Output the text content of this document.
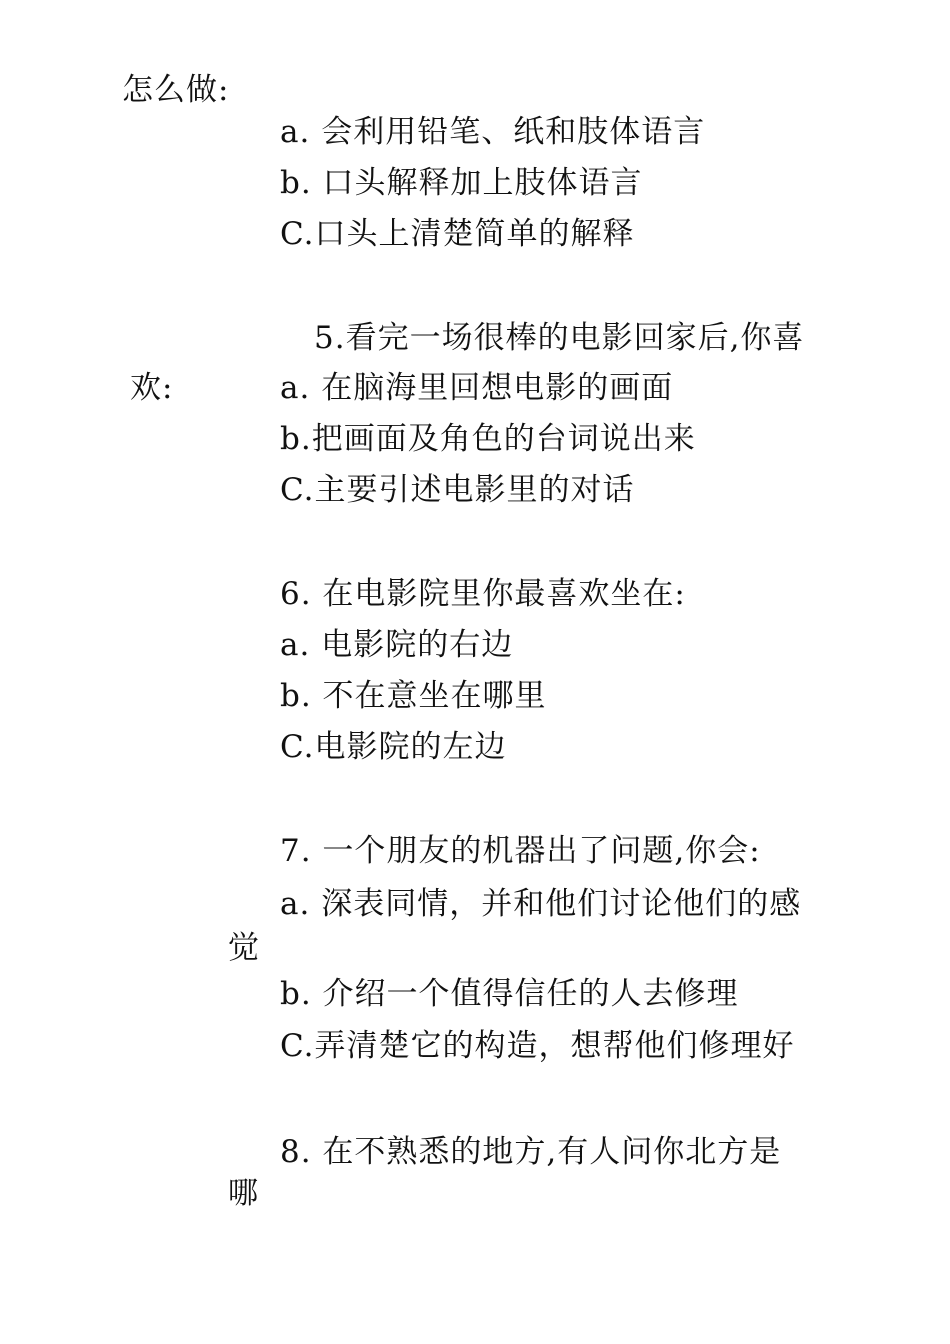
怎么做:
a. 会利用铅笔、纸和肢体语言
b. 口头解释加上肢体语言
C.口头上清楚简单的解释
5.看完一场很棒的电影回家后,你喜
欢:	a. 在脑海里回想电影的画面
b.把画面及角色的台词说出来
C.主要引述电影里的对话
6. 在电影院里你最喜欢坐在:
a. 电影院的右边
b. 不在意坐在哪里
C.电影院的左边
7. 一个朋友的机器出了问题,你会:
a. 深表同情，并和他们讨论他们的感
觉
b. 介绍一个值得信任的人去修理
C.弄清楚它的构造，想帮他们修理好
8. 在不熟悉的地方,有人问你北方是
哪
